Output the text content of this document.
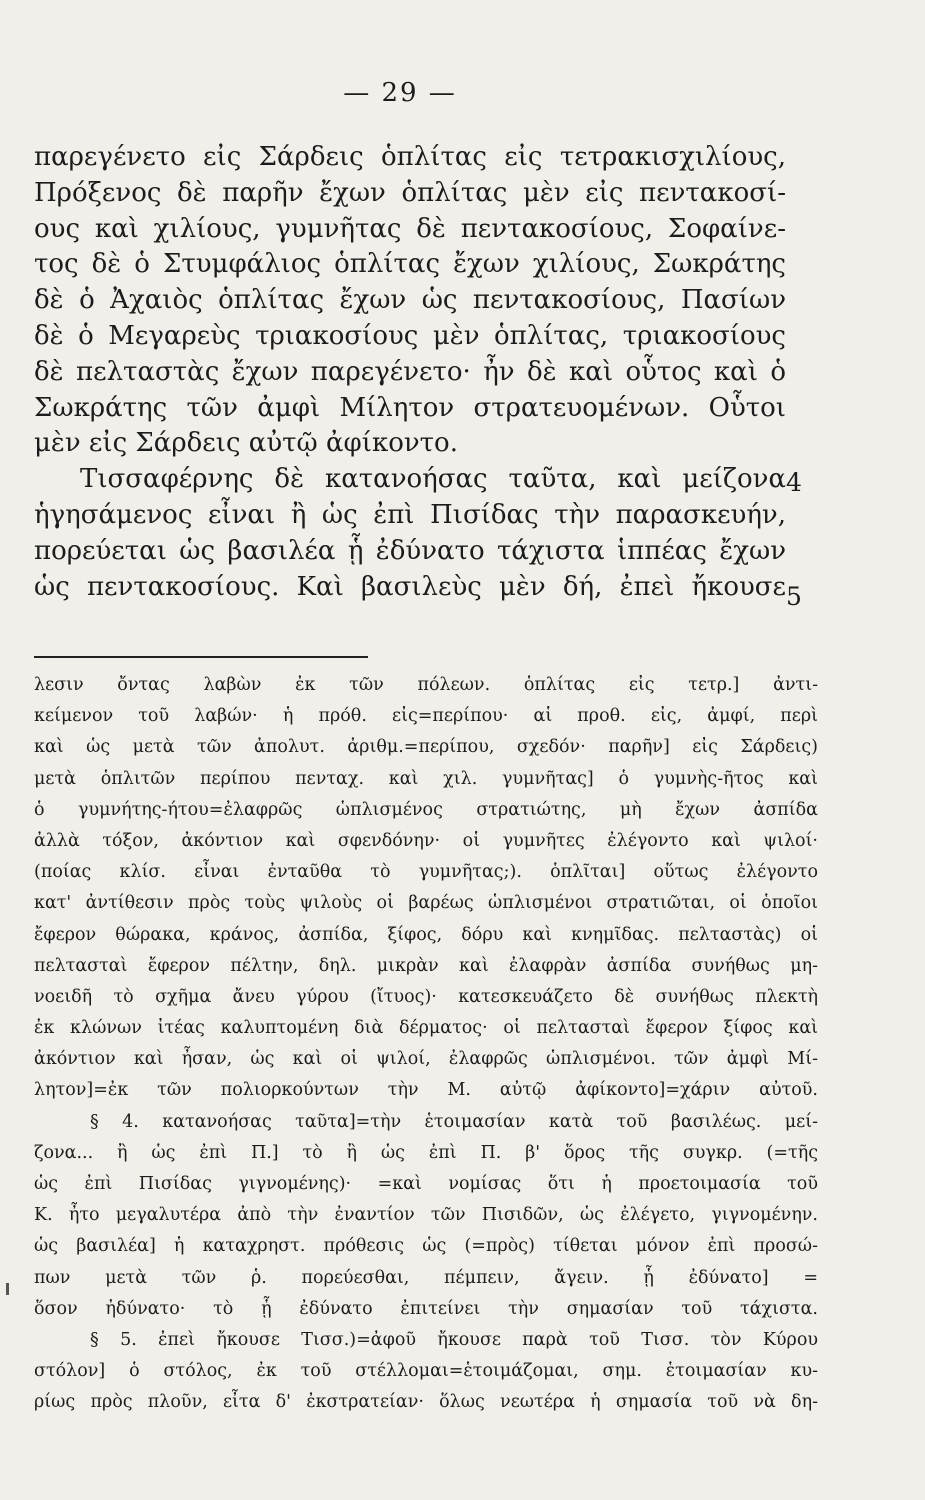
— 29 —
παρεγένετο εἰς Σάρδεις ὁπλίτας εἰς τετρακισχιλίους,
Πρόξενος δὲ παρῆν ἔχων ὁπλίτας μὲν εἰς πεντακοσί-
ους καὶ χιλίους, γυμνῆτας δὲ πεντακοσίους, Σοφαίνε-
τος δὲ ὁ Στυμφάλιος ὁπλίτας ἔχων χιλίους, Σωκράτης
δὲ ὁ Ἀχαιὸς ὁπλίτας ἔχων ὡς πεντακοσίους, Πασίων
δὲ ὁ Μεγαρεὺς τριακοσίους μὲν ὁπλίτας, τριακοσίους
δὲ πελταστὰς ἔχων παρεγένετο· ἦν δὲ καὶ οὗτος καὶ ὁ
Σωκράτης τῶν ἀμφὶ Μίλητον στρατευομένων. Οὗτοι
μὲν εἰς Σάρδεις αὐτῷ ἀφίκοντο.
Τισσαφέρνης δὲ κατανοήσας ταῦτα, καὶ μείζονα
ἡγησάμενος εἶναι ἢ ὡς ἐπὶ Πισίδας τὴν παρασκευήν,
πορεύεται ὡς βασιλέα ᾗ ἐδύνατο τάχιστα ἱππέας ἔχων
ὡς πεντακοσίους. Καὶ βασιλεὺς μὲν δή, ἐπεὶ ἤκουσε
4
5
λεσιν ὄντας λαβὼν ἐκ τῶν πόλεων. ὁπλίτας εἰς τετρ.] ἀντι-
κείμενον τοῦ λαβών· ἡ πρόθ. εἰς=περίπου· αἱ προθ. εἰς, ἀμφί, περὶ
καὶ ὡς μετὰ τῶν ἀπολυτ. ἀριθμ.=περίπου, σχεδόν· παρῆν] εἰς Σάρδεις)
μετὰ ὁπλιτῶν περίπου πενταχ. καὶ χιλ. γυμνῆτας] ὁ γυμνὴς-ῆτος καὶ
ὁ γυμνήτης-ήτου=ἐλαφρῶς ὡπλισμένος στρατιώτης, μὴ ἔχων ἀσπίδα
ἀλλὰ τόξον, ἀκόντιον καὶ σφενδόνην· οἱ γυμνῆτες ἐλέγοντο καὶ ψιλοί·
(ποίας κλίσ. εἶναι ἐνταῦθα τὸ γυμνῆτας;). ὁπλῖται] οὕτως ἐλέγοντο
κατ' ἀντίθεσιν πρὸς τοὺς ψιλοὺς οἱ βαρέως ὡπλισμένοι στρατιῶται, οἱ ὁποῖοι
ἔφερον θώρακα, κράνος, ἀσπίδα, ξίφος, δόρυ καὶ κνημῖδας. πελταστὰς) οἱ
πελτασταὶ ἔφερον πέλτην, δηλ. μικρὰν καὶ ἐλαφρὰν ἀσπίδα συνήθως μη-
νοειδῆ τὸ σχῆμα ἄνευ γύρου (ἴτυος)· κατεσκευάζετο δὲ συνήθως πλεκτὴ
ἐκ κλώνων ἰτέας καλυπτομένη διὰ δέρματος· οἱ πελτασταὶ ἔφερον ξίφος καὶ
ἀκόντιον καὶ ἦσαν, ὡς καὶ οἱ ψιλοί, ἐλαφρῶς ὡπλισμένοι. τῶν ἀμφὶ Μί-
λητον]=ἐκ τῶν πολιορκούντων τὴν Μ. αὐτῷ ἀφίκοντο]=χάριν αὐτοῦ.
§ 4. κατανοήσας ταῦτα]=τὴν ἑτοιμασίαν κατὰ τοῦ βασιλέως. μεί-
ζονα... ἢ ὡς ἐπὶ Π.] τὸ ἢ ὡς ἐπὶ Π. β' ὅρος τῆς συγκρ. (=τῆς
ὡς ἐπὶ Πισίδας γιγνομένης)· =καὶ νομίσας ὅτι ἡ προετοιμασία τοῦ
Κ. ἦτο μεγαλυτέρα ἀπὸ τὴν ἐναντίον τῶν Πισιδῶν, ὡς ἐλέγετο, γιγνομένην.
ὡς βασιλέα] ἡ καταχρηστ. πρόθεσις ὡς (=πρὸς) τίθεται μόνον ἐπὶ προσώ-
πων μετὰ τῶν ῥ. πορεύεσθαι, πέμπειν, ἄγειν. ᾗ ἐδύνατο] =
ὅσον ἠδύνατο· τὸ ᾗ ἐδύνατο ἐπιτείνει τὴν σημασίαν τοῦ τάχιστα.
§ 5. ἐπεὶ ἤκουσε Τισσ.)=ἀφοῦ ἤκουσε παρὰ τοῦ Τισσ. τὸν Κύρου
στόλον] ὁ στόλος, ἐκ τοῦ στέλλομαι=ἑτοιμάζομαι, σημ. ἑτοιμασίαν κυ-
ρίως πρὸς πλοῦν, εἶτα δ' ἐκστρατείαν· ὅλως νεωτέρα ἡ σημασία τοῦ νὰ δη-
